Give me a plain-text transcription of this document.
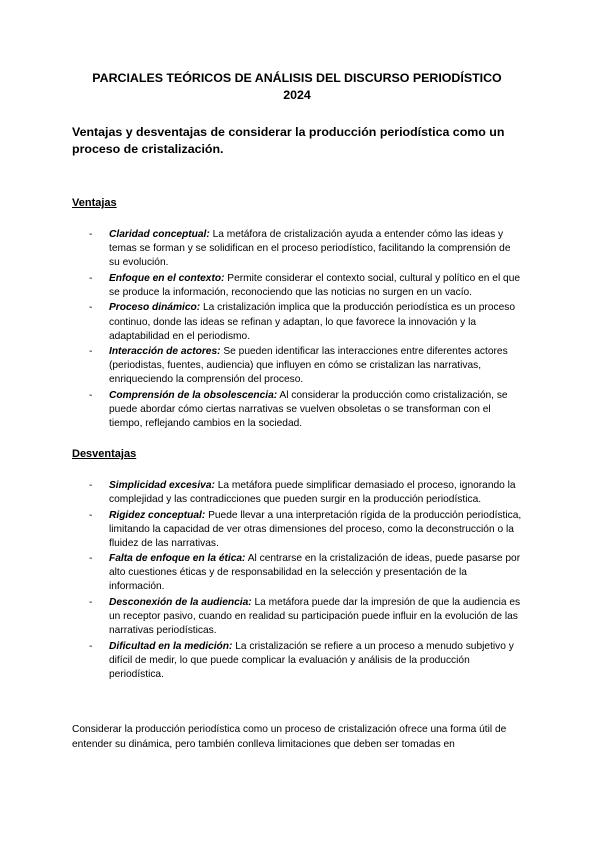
PARCIALES TEÓRICOS DE ANÁLISIS DEL DISCURSO PERIODÍSTICO
2024
Ventajas y desventajas de considerar la producción periodística como un proceso de cristalización.
Ventajas
- Claridad conceptual: La metáfora de cristalización ayuda a entender cómo las ideas y temas se forman y se solidifican en el proceso periodístico, facilitando la comprensión de su evolución.
- Enfoque en el contexto: Permite considerar el contexto social, cultural y político en el que se produce la información, reconociendo que las noticias no surgen en un vacío.
- Proceso dinámico: La cristalización implica que la producción periodística es un proceso continuo, donde las ideas se refinan y adaptan, lo que favorece la innovación y la adaptabilidad en el periodismo.
- Interacción de actores: Se pueden identificar las interacciones entre diferentes actores (periodistas, fuentes, audiencia) que influyen en cómo se cristalizan las narrativas, enriqueciendo la comprensión del proceso.
- Comprensión de la obsolescencia: Al considerar la producción como cristalización, se puede abordar cómo ciertas narrativas se vuelven obsoletas o se transforman con el tiempo, reflejando cambios en la sociedad.
Desventajas
- Simplicidad excesiva: La metáfora puede simplificar demasiado el proceso, ignorando la complejidad y las contradicciones que pueden surgir en la producción periodística.
- Rigidez conceptual: Puede llevar a una interpretación rígida de la producción periodística, limitando la capacidad de ver otras dimensiones del proceso, como la deconstrucción o la fluidez de las narrativas.
- Falta de enfoque en la ética: Al centrarse en la cristalización de ideas, puede pasarse por alto cuestiones éticas y de responsabilidad en la selección y presentación de la información.
- Desconexión de la audiencia: La metáfora puede dar la impresión de que la audiencia es un receptor pasivo, cuando en realidad su participación puede influir en la evolución de las narrativas periodísticas.
- Dificultad en la medición: La cristalización se refiere a un proceso a menudo subjetivo y difícil de medir, lo que puede complicar la evaluación y análisis de la producción periodística.
Considerar la producción periodística como un proceso de cristalización ofrece una forma útil de entender su dinámica, pero también conlleva limitaciones que deben ser tomadas en
